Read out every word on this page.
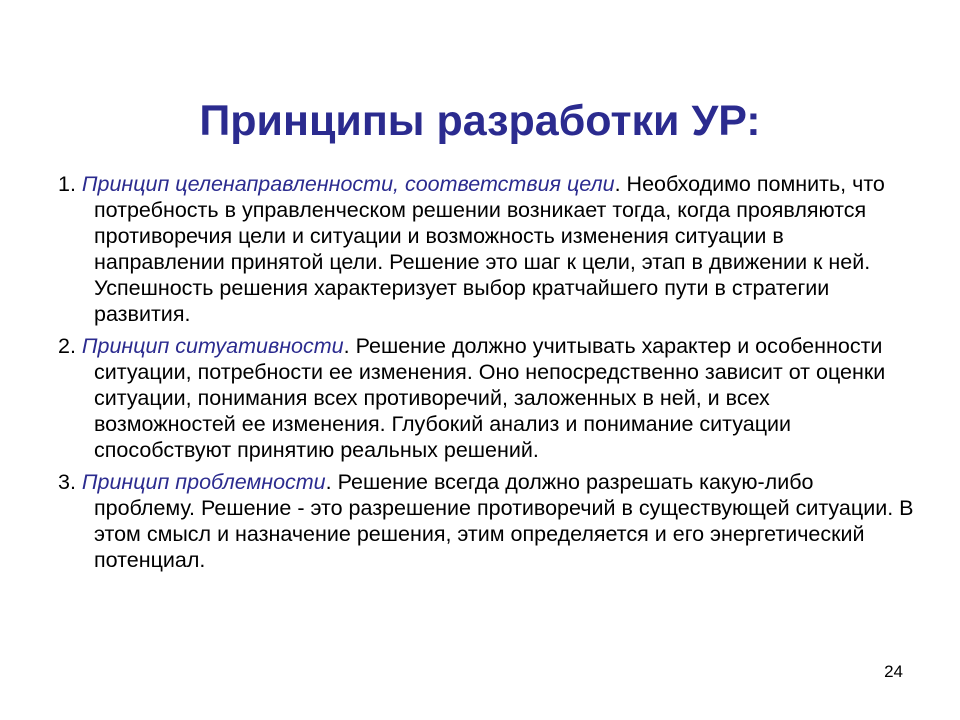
Принципы разработки УР:

1. Принцип целенаправленности, соответствия цели. Необходимо помнить, что потребность в управленческом решении возникает тогда, когда проявляются противоречия цели и ситуации и возможность изменения ситуации в направлении принятой цели. Решение это шаг к цели, этап в движении к ней. Успешность решения характеризует выбор кратчайшего пути в стратегии развития.

2. Принцип ситуативности. Решение должно учитывать характер и особенности ситуации, потребности ее изменения. Оно непосредственно зависит от оценки ситуации, понимания всех противоречий, заложенных в ней, и всех возможностей ее изменения. Глубокий анализ и понимание ситуации способствуют принятию реальных решений.

3. Принцип проблемности. Решение всегда должно разрешать какую-либо проблему. Решение - это разрешение противоречий в существующей ситуации. В этом смысл и назначение решения, этим определяется и его энергетический потенциал.

24
